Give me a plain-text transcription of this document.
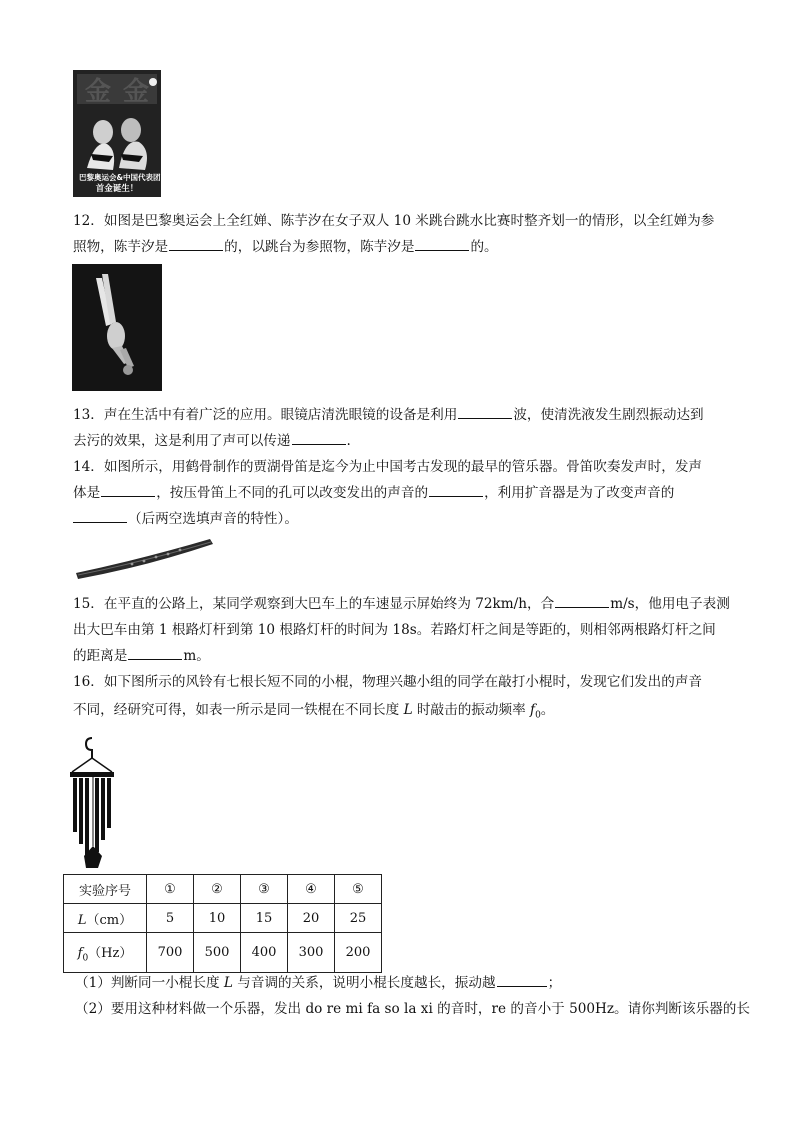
金 金
巴黎奥运会&中国代表团
首金诞生！
12．如图是巴黎奥运会上全红婵、陈芋汐在女子双人 10 米跳台跳水比赛时整齐划一的情形，以全红婵为参
照物，陈芋汐是	的，以跳台为参照物，陈芋汐是	的。
13．声在生活中有着广泛的应用。眼镜店清洗眼镜的设备是利用	波，使清洗液发生剧烈振动达到
去污的效果，这是利用了声可以传递	.
14．如图所示，用鹤骨制作的贾湖骨笛是迄今为止中国考古发现的最早的管乐器。骨笛吹奏发声时，发声
体是	，按压骨笛上不同的孔可以改变发出的声音的	，利用扩音器是为了改变声音的
（后两空选填声音的特性）。
15．在平直的公路上，某同学观察到大巴车上的车速显示屏始终为 72km/h，合	m/s，他用电子表测
出大巴车由第 1 根路灯杆到第 10 根路灯杆的时间为 18s。若路灯杆之间是等距的，则相邻两根路灯杆之间
的距离是	m。
16．如下图所示的风铃有七根长短不同的小棍，物理兴趣小组的同学在敲打小棍时，发现它们发出的声音
不同，经研究可得，如表一所示是同一铁棍在不同长度 L 时敲击的振动频率 $f_0$。
实验序号	①	②	③	④	⑤
L（cm）	5	10	15	20	25
$f_0(Hz)$	700	500	400	300	200
（1）判断同一小棍长度 L 与音调的关系，说明小棍长度越长，振动越	；
（2）要用这种材料做一个乐器，发出 do re mi fa so la xi 的音时，re 的音小于 500Hz。请你判断该乐器的长
